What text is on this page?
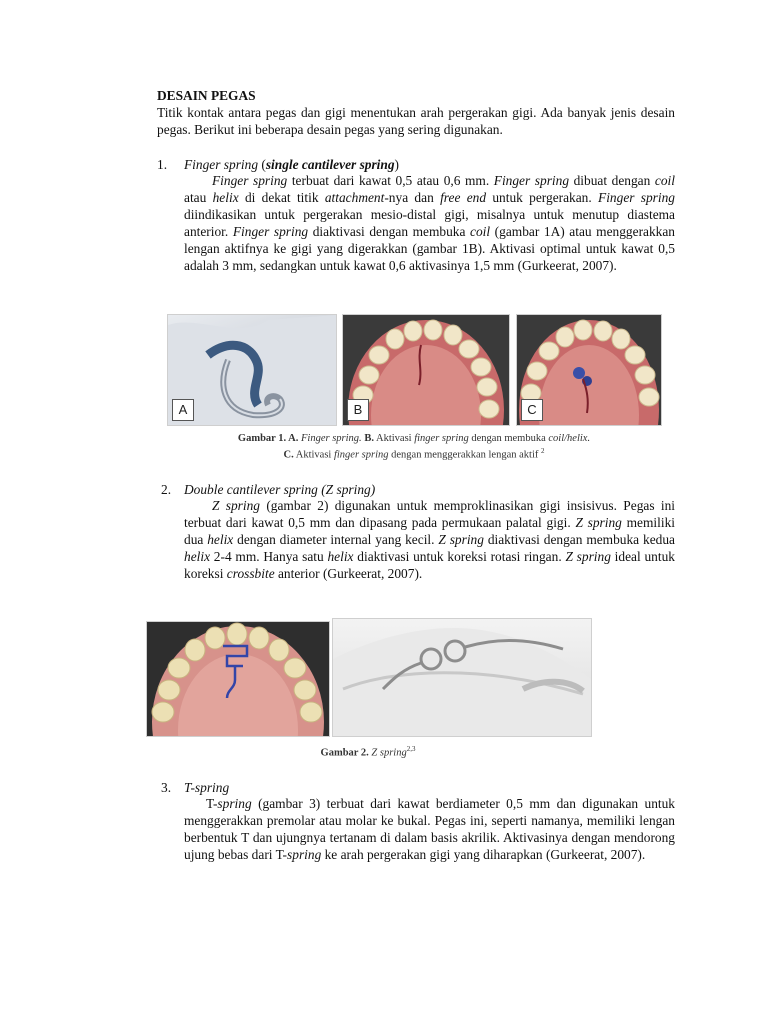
DESAIN PEGAS
Titik kontak antara pegas dan gigi menentukan arah pergerakan gigi. Ada banyak jenis desain pegas. Berikut ini beberapa desain pegas yang sering digunakan.
1. Finger spring (single cantilever spring)
Finger spring terbuat dari kawat 0,5 atau 0,6 mm. Finger spring dibuat dengan coil atau helix di dekat titik attachment-nya dan free end untuk pergerakan. Finger spring diindikasikan untuk pergerakan mesio-distal gigi, misalnya untuk menutup diastema anterior. Finger spring diaktivasi dengan membuka coil (gambar 1A) atau menggerakkan lengan aktifnya ke gigi yang digerakkan (gambar 1B). Aktivasi optimal untuk kawat 0,5 adalah 3 mm, sedangkan untuk kawat 0,6 aktivasinya 1,5 mm (Gurkeerat, 2007).
A	B	C
Gambar 1. A. Finger spring. B. Aktivasi finger spring dengan membuka coil/helix.
C. Aktivasi finger spring dengan menggerakkan lengan aktif $^2$
2. Double cantilever spring (Z spring)
Z spring (gambar 2) digunakan untuk memproklinasikan gigi insisivus. Pegas ini terbuat dari kawat 0,5 mm dan dipasang pada permukaan palatal gigi. Z spring memiliki dua helix dengan diameter internal yang kecil. Z spring diaktivasi dengan membuka kedua helix 2-4 mm. Hanya satu helix diaktivasi untuk koreksi rotasi ringan. Z spring ideal untuk koreksi crossbite anterior (Gurkeerat, 2007).
Gambar 2. Z spring$^{2,3}$
3. T-spring
T-spring (gambar 3) terbuat dari kawat berdiameter 0,5 mm dan digunakan untuk menggerakkan premolar atau molar ke bukal. Pegas ini, seperti namanya, memiliki lengan berbentuk T dan ujungnya tertanam di dalam basis akrilik. Aktivasinya dengan mendorong ujung bebas dari T-spring ke arah pergerakan gigi yang diharapkan (Gurkeerat, 2007).
